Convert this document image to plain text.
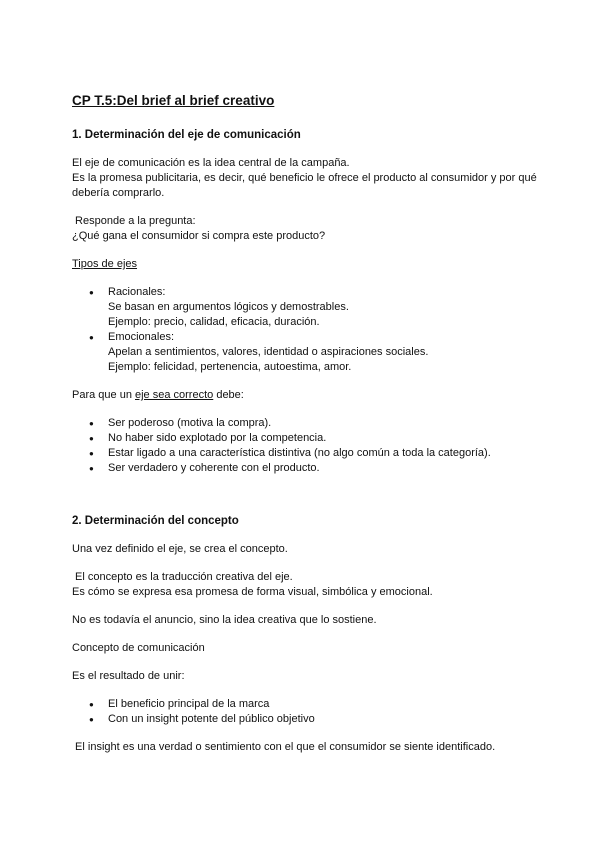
CP T.5:Del brief al brief creativo
1. Determinación del eje de comunicación

El eje de comunicación es la idea central de la campaña.

Es la promesa publicitaria, es decir, qué beneficio le ofrece el producto al consumidor y por qué debería comprarlo.

Responde a la pregunta:

¿Qué gana el consumidor si compra este producto?

Tipos de ejes
● Racionales:
Se basan en argumentos lógicos y demostrables.
Ejemplo: precio, calidad, eficacia, duración.
● Emocionales:
Apelan a sentimientos, valores, identidad o aspiraciones sociales.
Ejemplo: felicidad, pertenencia, autoestima, amor.

Para que un eje sea correcto debe:

● Ser poderoso (motiva la compra).
● No haber sido explotado por la competencia.
● Estar ligado a una característica distintiva (no algo común a toda la categoría).
● Ser verdadero y coherente con el producto.
2. Determinación del concepto

Una vez definido el eje, se crea el concepto.

El concepto es la traducción creativa del eje.

Es cómo se expresa esa promesa de forma visual, simbólica y emocional.

No es todavía el anuncio, sino la idea creativa que lo sostiene.

Concepto de comunicación

Es el resultado de unir:

● El beneficio principal de la marca
● Con un insight potente del público objetivo

El insight es una verdad o sentimiento con el que el consumidor se siente identificado.
